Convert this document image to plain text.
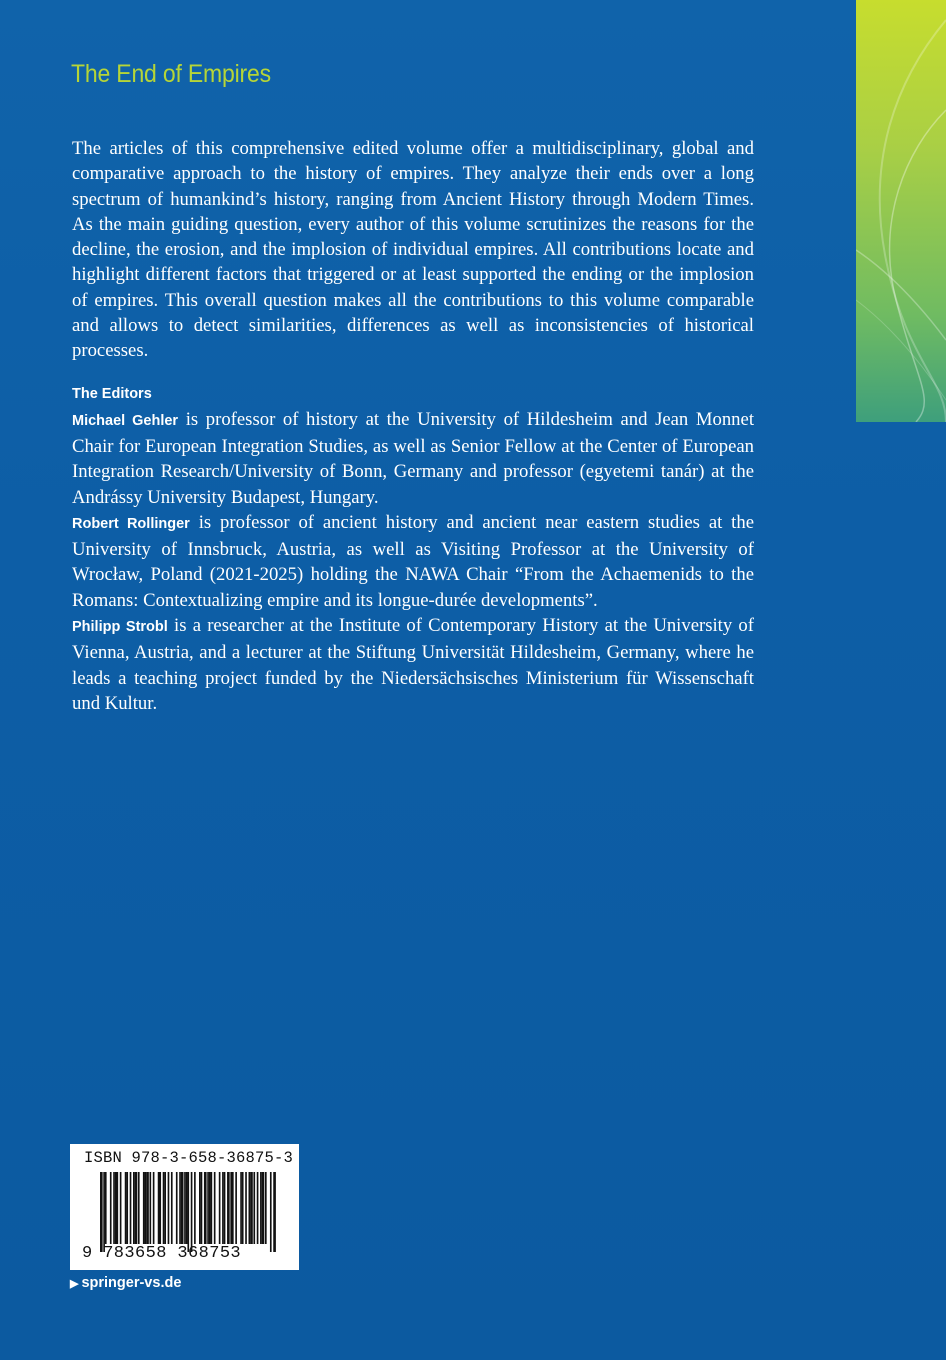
The End of Empires

The articles of this comprehensive edited volume offer a multidisciplinary, global and comparative approach to the history of empires. They analyze their ends over a long spectrum of humankind’s history, ranging from Ancient History through Modern Times. As the main guiding question, every author of this volume scrutinizes the reasons for the decline, the erosion, and the implosion of individual empires. All contributions locate and highlight different factors that triggered or at least supported the ending or the implosion of empires. This overall question makes all the contributions to this volume comparable and allows to detect similarities, differences as well as inconsistencies of historical processes.

The Editors

Michael Gehler is professor of history at the University of Hildesheim and Jean Monnet Chair for European Integration Studies, as well as Senior Fellow at the Center of European Integration Research/University of Bonn, Germany and professor (egyetemi tanár) at the Andrássy University Budapest, Hungary.

Robert Rollinger is professor of ancient history and ancient near eastern studies at the University of Innsbruck, Austria, as well as Visiting Professor at the University of Wrocław, Poland (2021-2025) holding the NAWA Chair “From the Achaemenids to the Romans: Contextualizing empire and its longue-durée developments”.

Philipp Strobl is a researcher at the Institute of Contemporary History at the University of Vienna, Austria, and a lecturer at the Stiftung Universität Hildesheim, Germany, where he leads a teaching project funded by the Niedersächsisches Ministerium für Wissenschaft und Kultur.

ISBN 978-3-658-36875-3
9 783658 368753
▶ springer-vs.de
